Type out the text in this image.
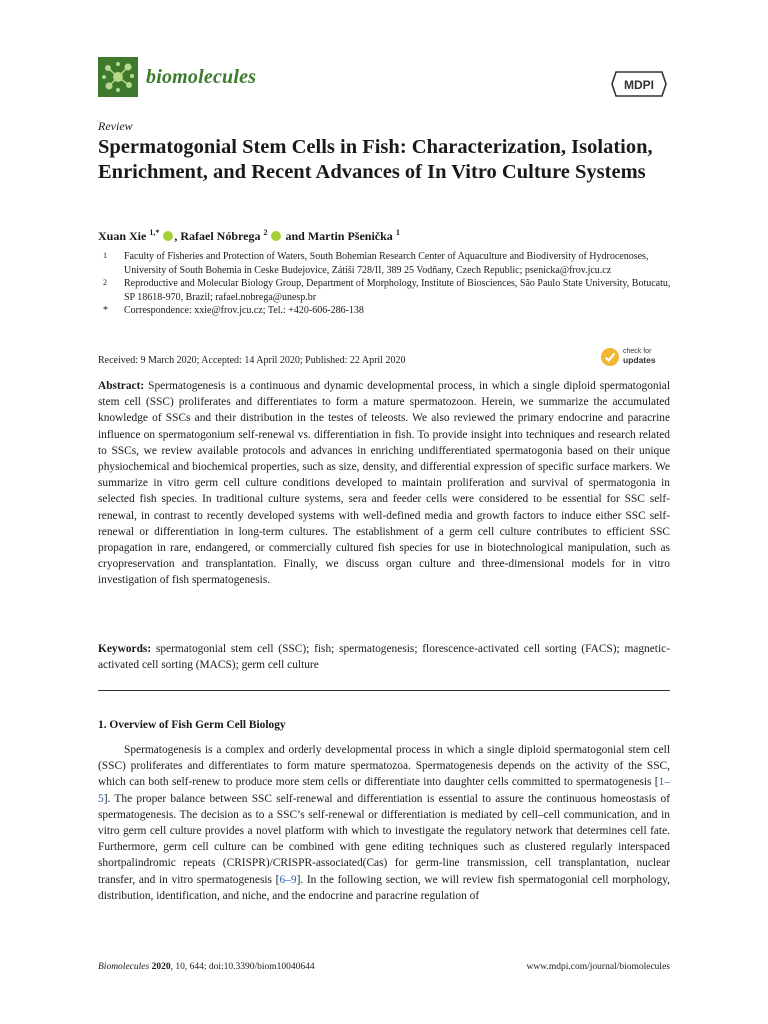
biomolecules	MDPI
Review
Spermatogonial Stem Cells in Fish: Characterization, Isolation, Enrichment, and Recent Advances of In Vitro Culture Systems
Xuan Xie $^{1,*}$ , Rafael Nóbrega $^2$  and Martin Pšenička $^1$
1	Faculty of Fisheries and Protection of Waters, South Bohemian Research Center of Aquaculture and Biodiversity of Hydrocenoses, University of South Bohemia in Ceske Budejovice, Zátiší 728/II, 389 25 Vodňany, Czech Republic; psenicka@frov.jcu.cz
2	Reproductive and Molecular Biology Group, Department of Morphology, Institute of Biosciences, São Paulo State University, Botucatu, SP 18618-970, Brazil; rafael.nobrega@unesp.br
*	Correspondence: xxie@frov.jcu.cz; Tel.: +420-606-286-138
Received: 9 March 2020; Accepted: 14 April 2020; Published: 22 April 2020
check for
updates

Abstract: Spermatogenesis is a continuous and dynamic developmental process, in which a single diploid spermatogonial stem cell (SSC) proliferates and differentiates to form a mature spermatozoon. Herein, we summarize the accumulated knowledge of SSCs and their distribution in the testes of teleosts. We also reviewed the primary endocrine and paracrine influence on spermatogonium self-renewal vs. differentiation in fish. To provide insight into techniques and research related to SSCs, we review available protocols and advances in enriching undifferentiated spermatogonia based on their unique physiochemical and biochemical properties, such as size, density, and differential expression of specific surface markers. We summarize in vitro germ cell culture conditions developed to maintain proliferation and survival of spermatogonia in selected fish species. In traditional culture systems, sera and feeder cells were considered to be essential for SSC self-renewal, in contrast to recently developed systems with well-defined media and growth factors to induce either SSC self-renewal or differentiation in long-term cultures. The establishment of a germ cell culture contributes to efficient SSC propagation in rare, endangered, or commercially cultured fish species for use in biotechnological manipulation, such as cryopreservation and transplantation. Finally, we discuss organ culture and three-dimensional models for in vitro investigation of fish spermatogenesis.

Keywords: spermatogonial stem cell (SSC); fish; spermatogenesis; florescence-activated cell sorting (FACS); magnetic-activated cell sorting (MACS); germ cell culture

1. Overview of Fish Germ Cell Biology

Spermatogenesis is a complex and orderly developmental process in which a single diploid spermatogonial stem cell (SSC) proliferates and differentiates to form mature spermatozoa. Spermatogenesis depends on the activity of the SSC, which can both self-renew to produce more stem cells or differentiate into daughter cells committed to spermatogenesis [1–5]. The proper balance between SSC self-renewal and differentiation is essential to assure the continuous homeostasis of spermatogenesis. The decision as to a SSC’s self-renewal or differentiation is mediated by cell–cell communication, and in vitro germ cell culture provides a novel platform with which to investigate the regulatory network that determines cell fate. Furthermore, germ cell culture can be combined with gene editing techniques such as clustered regularly interspaced shortpalindromic repeats (CRISPR)/CRISPR-associated(Cas) for germ-line transmission, cell transplantation, nuclear transfer, and in vitro spermatogenesis [6–9]. In the following section, we will review fish spermatogonial cell morphology, distribution, identification, and niche, and the endocrine and paracrine regulation of

Biomolecules 2020, 10, 644; doi:10.3390/biom10040644	www.mdpi.com/journal/biomolecules
